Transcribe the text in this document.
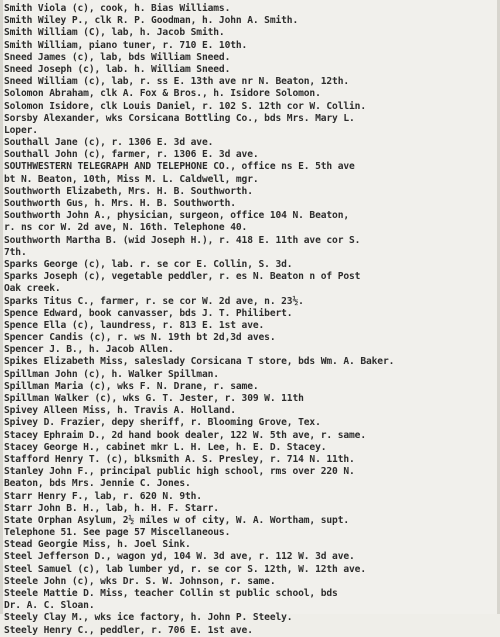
Smith Viola (c), cook, h. Bias Williams.
Smith Wiley P., clk R. P. Goodman, h. John A. Smith.
Smith William (C), lab, h. Jacob Smith.
Smith William, piano tuner, r. 710 E. 10th.
Sneed James (c), lab, bds William Sneed.
Sneed Joseph (c), lab. h. William Sneed.
Sneed William (c), lab, r. ss E. 13th ave nr N. Beaton, 12th.
Solomon Abraham, clk A. Fox & Bros., h. Isidore Solomon.
Solomon Isidore, clk Louis Daniel, r. 102 S. 12th cor W. Collin.
Sorsby Alexander, wks Corsicana Bottling Co., bds Mrs. Mary L.
Loper.
Southall Jane (c), r. 1306 E. 3d ave.
Southall John (c), farmer, r. 1306 E. 3d ave.
SOUTHWESTERN TELEGRAPH AND TELEPHONE CO., office ns E. 5th ave
bt N. Beaton, 10th, Miss M. L. Caldwell, mgr.
Southworth Elizabeth, Mrs. H. B. Southworth.
Southworth Gus, h. Mrs. H. B. Southworth.
Southworth John A., physician, surgeon, office 104 N. Beaton,
r. ns cor W. 2d ave, N. 16th. Telephone 40.
Southworth Martha B. (wid Joseph H.), r. 418 E. 11th ave cor S.
7th.
Sparks George (c), lab. r. se cor E. Collin, S. 3d.
Sparks Joseph (c), vegetable peddler, r. es N. Beaton n of Post
Oak creek.
Sparks Titus C., farmer, r. se cor W. 2d ave, n. 23½.
Spence Edward, book canvasser, bds J. T. Philibert.
Spence Ella (c), laundress, r. 813 E. 1st ave.
Spencer Candis (c), r. ws N. 19th bt 2d,3d aves.
Spencer J. B., h. Jacob Allen.
Spikes Elizabeth Miss, saleslady Corsicana T store, bds Wm. A. Baker.
Spillman John (c), h. Walker Spillman.
Spillman Maria (c), wks F. N. Drane, r. same.
Spillman Walker (c), wks G. T. Jester, r. 309 W. 11th
Spivey Alleen Miss, h. Travis A. Holland.
Spivey D. Frazier, depy sheriff, r. Blooming Grove, Tex.
Stacey Ephraim D., 2d hand book dealer, 122 W. 5th ave, r. same.
Stacey George H., cabinet mkr L. H. Lee, h. E. D. Stacey.
Stafford Henry T. (c), blksmith A. S. Presley, r. 714 N. 11th.
Stanley John F., principal public high school, rms over 220 N.
Beaton, bds Mrs. Jennie C. Jones.
Starr Henry F., lab, r. 620 N. 9th.
Starr John B. H., lab, h. H. F. Starr.
State Orphan Asylum, 2½ miles w of city, W. A. Wortham, supt.
Telephone 51. See page 57 Miscellaneous.
Stead Georgie Miss, h. Joel Sink.
Steel Jefferson D., wagon yd, 104 W. 3d ave, r. 112 W. 3d ave.
Steel Samuel (c), lab lumber yd, r. se cor S. 12th, W. 12th ave.
Steele John (c), wks Dr. S. W. Johnson, r. same.
Steele Mattie D. Miss, teacher Collin st public school, bds
Dr. A. C. Sloan.
Steely Clay M., wks ice factory, h. John P. Steely.
Steely Henry C., peddler, r. 706 E. 1st ave.
